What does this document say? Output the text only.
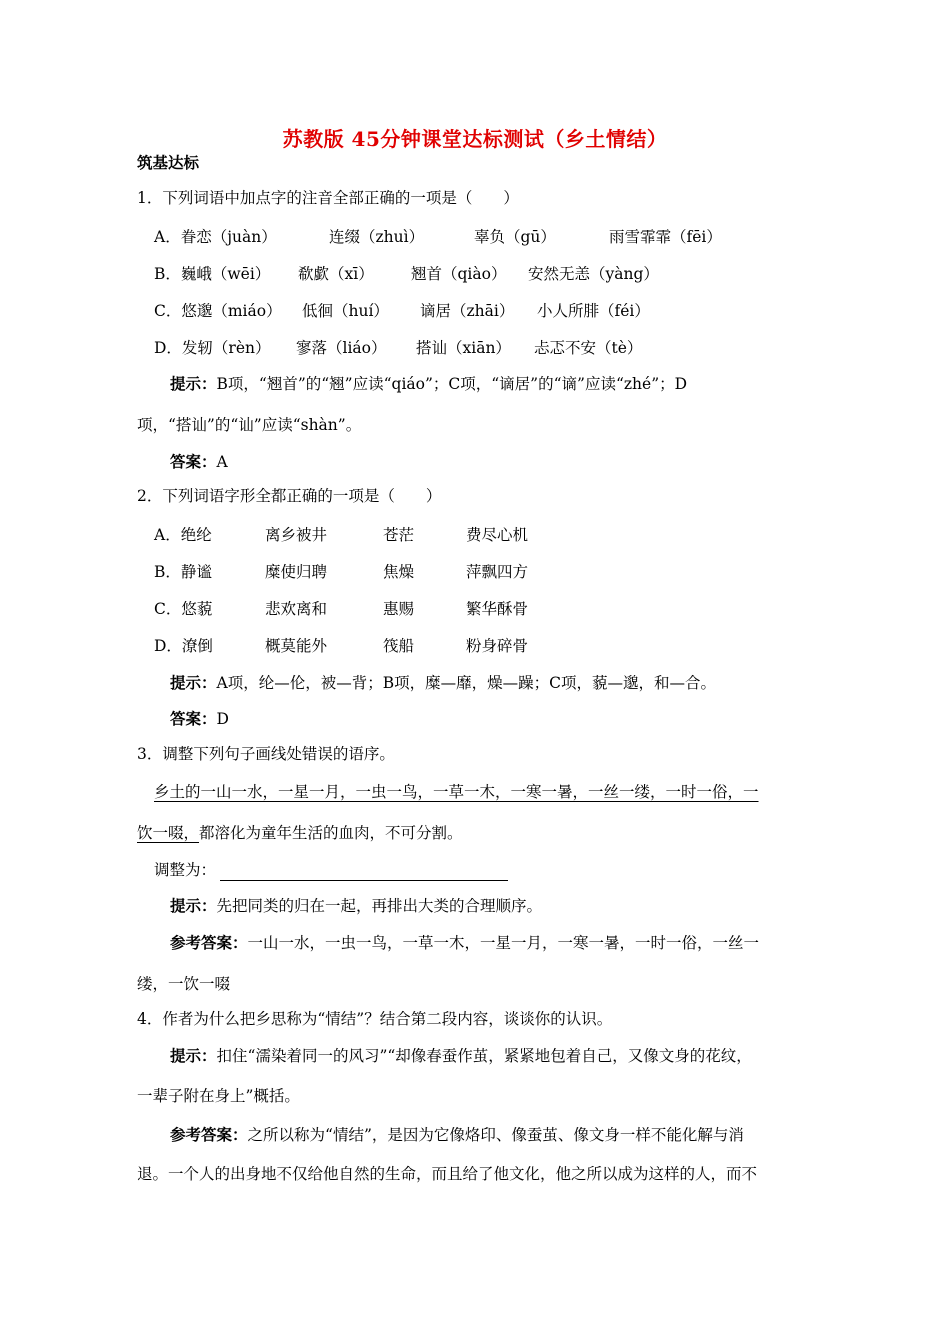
苏教版 45分钟课堂达标测试（乡土情结）
筑基达标
1．下列词语中加点字的注音全部正确的一项是（　　）
A．眷恋（juàn）	连缀（zhuì）	辜负（gū）	雨雪霏霏（fēi）
B．巍峨（wēi） 欷歔（xī） 翘首（qiào） 安然无恙（yàng）
C．悠邈（miáo） 低徊（huí） 谪居（zhāi） 小人所腓（féi）
D．发轫（rèn） 寥落（liáo） 搭讪（xiān） 忐忑不安（tè）
提示：B项，“翘首”的“翘”应读“qiáo”；C项，“谪居”的“谪”应读“zhé”；D
项，“搭讪”的“讪”应读“shàn”。
答案：A
2．下列词语字形全都正确的一项是（　　）
A．绝纶	离乡被井	苍茫	费尽心机
B．静谧	糜使归聘	焦燥	萍飘四方
C．悠藐	悲欢离和	惠赐	繁华酥骨
D．潦倒	概莫能外	筏船	粉身碎骨
提示：A项，纶—伦，被—背；B项，糜—靡，燥—躁；C项，藐—邈，和—合。
答案：D
3．调整下列句子画线处错误的语序。
乡土的一山一水，一星一月，一虫一鸟，一草一木，一寒一暑，一丝一缕，一时一俗，一
饮一啜，都溶化为童年生活的血肉，不可分割。
调整为：
提示：先把同类的归在一起，再排出大类的合理顺序。
参考答案：一山一水，一虫一鸟，一草一木，一星一月，一寒一暑，一时一俗，一丝一
缕，一饮一啜
4．作者为什么把乡思称为“情结”？结合第二段内容，谈谈你的认识。
提示：扣住“濡染着同一的风习”“却像春蚕作茧，紧紧地包着自己，又像文身的花纹，
一辈子附在身上”概括。
参考答案：之所以称为“情结”，是因为它像烙印、像蚕茧、像文身一样不能化解与消
退。一个人的出身地不仅给他自然的生命，而且给了他文化，他之所以成为这样的人，而不
